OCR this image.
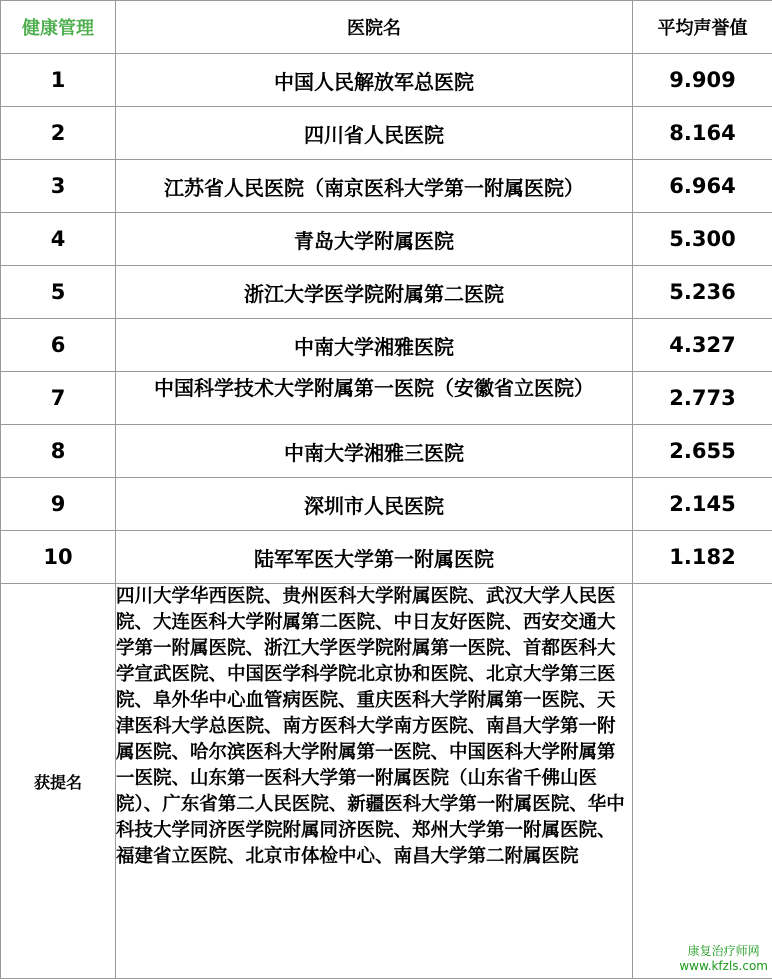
健康管理	医院名	平均声誉值
1	中国人民解放军总医院	9.909
2	四川省人民医院	8.164
3	江苏省人民医院（南京医科大学第一附属医院）	6.964
4	青岛大学附属医院	5.300
5	浙江大学医学院附属第二医院	5.236
6	中南大学湘雅医院	4.327
7	中国科学技术大学附属第一医院（安徽省立医院）	2.773
8	中南大学湘雅三医院	2.655
9	深圳市人民医院	2.145
10	陆军军医大学第一附属医院	1.182
获提名	四川大学华西医院、贵州医科大学附属医院、武汉大学人民医院、大连医科大学附属第二医院、中日友好医院、西安交通大学第一附属医院、浙江大学医学院附属第一医院、首都医科大学宣武医院、中国医学科学院北京协和医院、北京大学第三医院、阜外华中心血管病医院、重庆医科大学附属第一医院、天津医科大学总医院、南方医科大学南方医院、南昌大学第一附属医院、哈尔滨医科大学附属第一医院、中国医科大学附属第一医院、山东第一医科大学第一附属医院（山东省千佛山医院）、广东省第二人民医院、新疆医科大学第一附属医院、华中科技大学同济医学院附属同济医院、郑州大学第一附属医院、福建省立医院、北京市体检中心、南昌大学第二附属医院	康复治疗师网
www.kfzls.com
